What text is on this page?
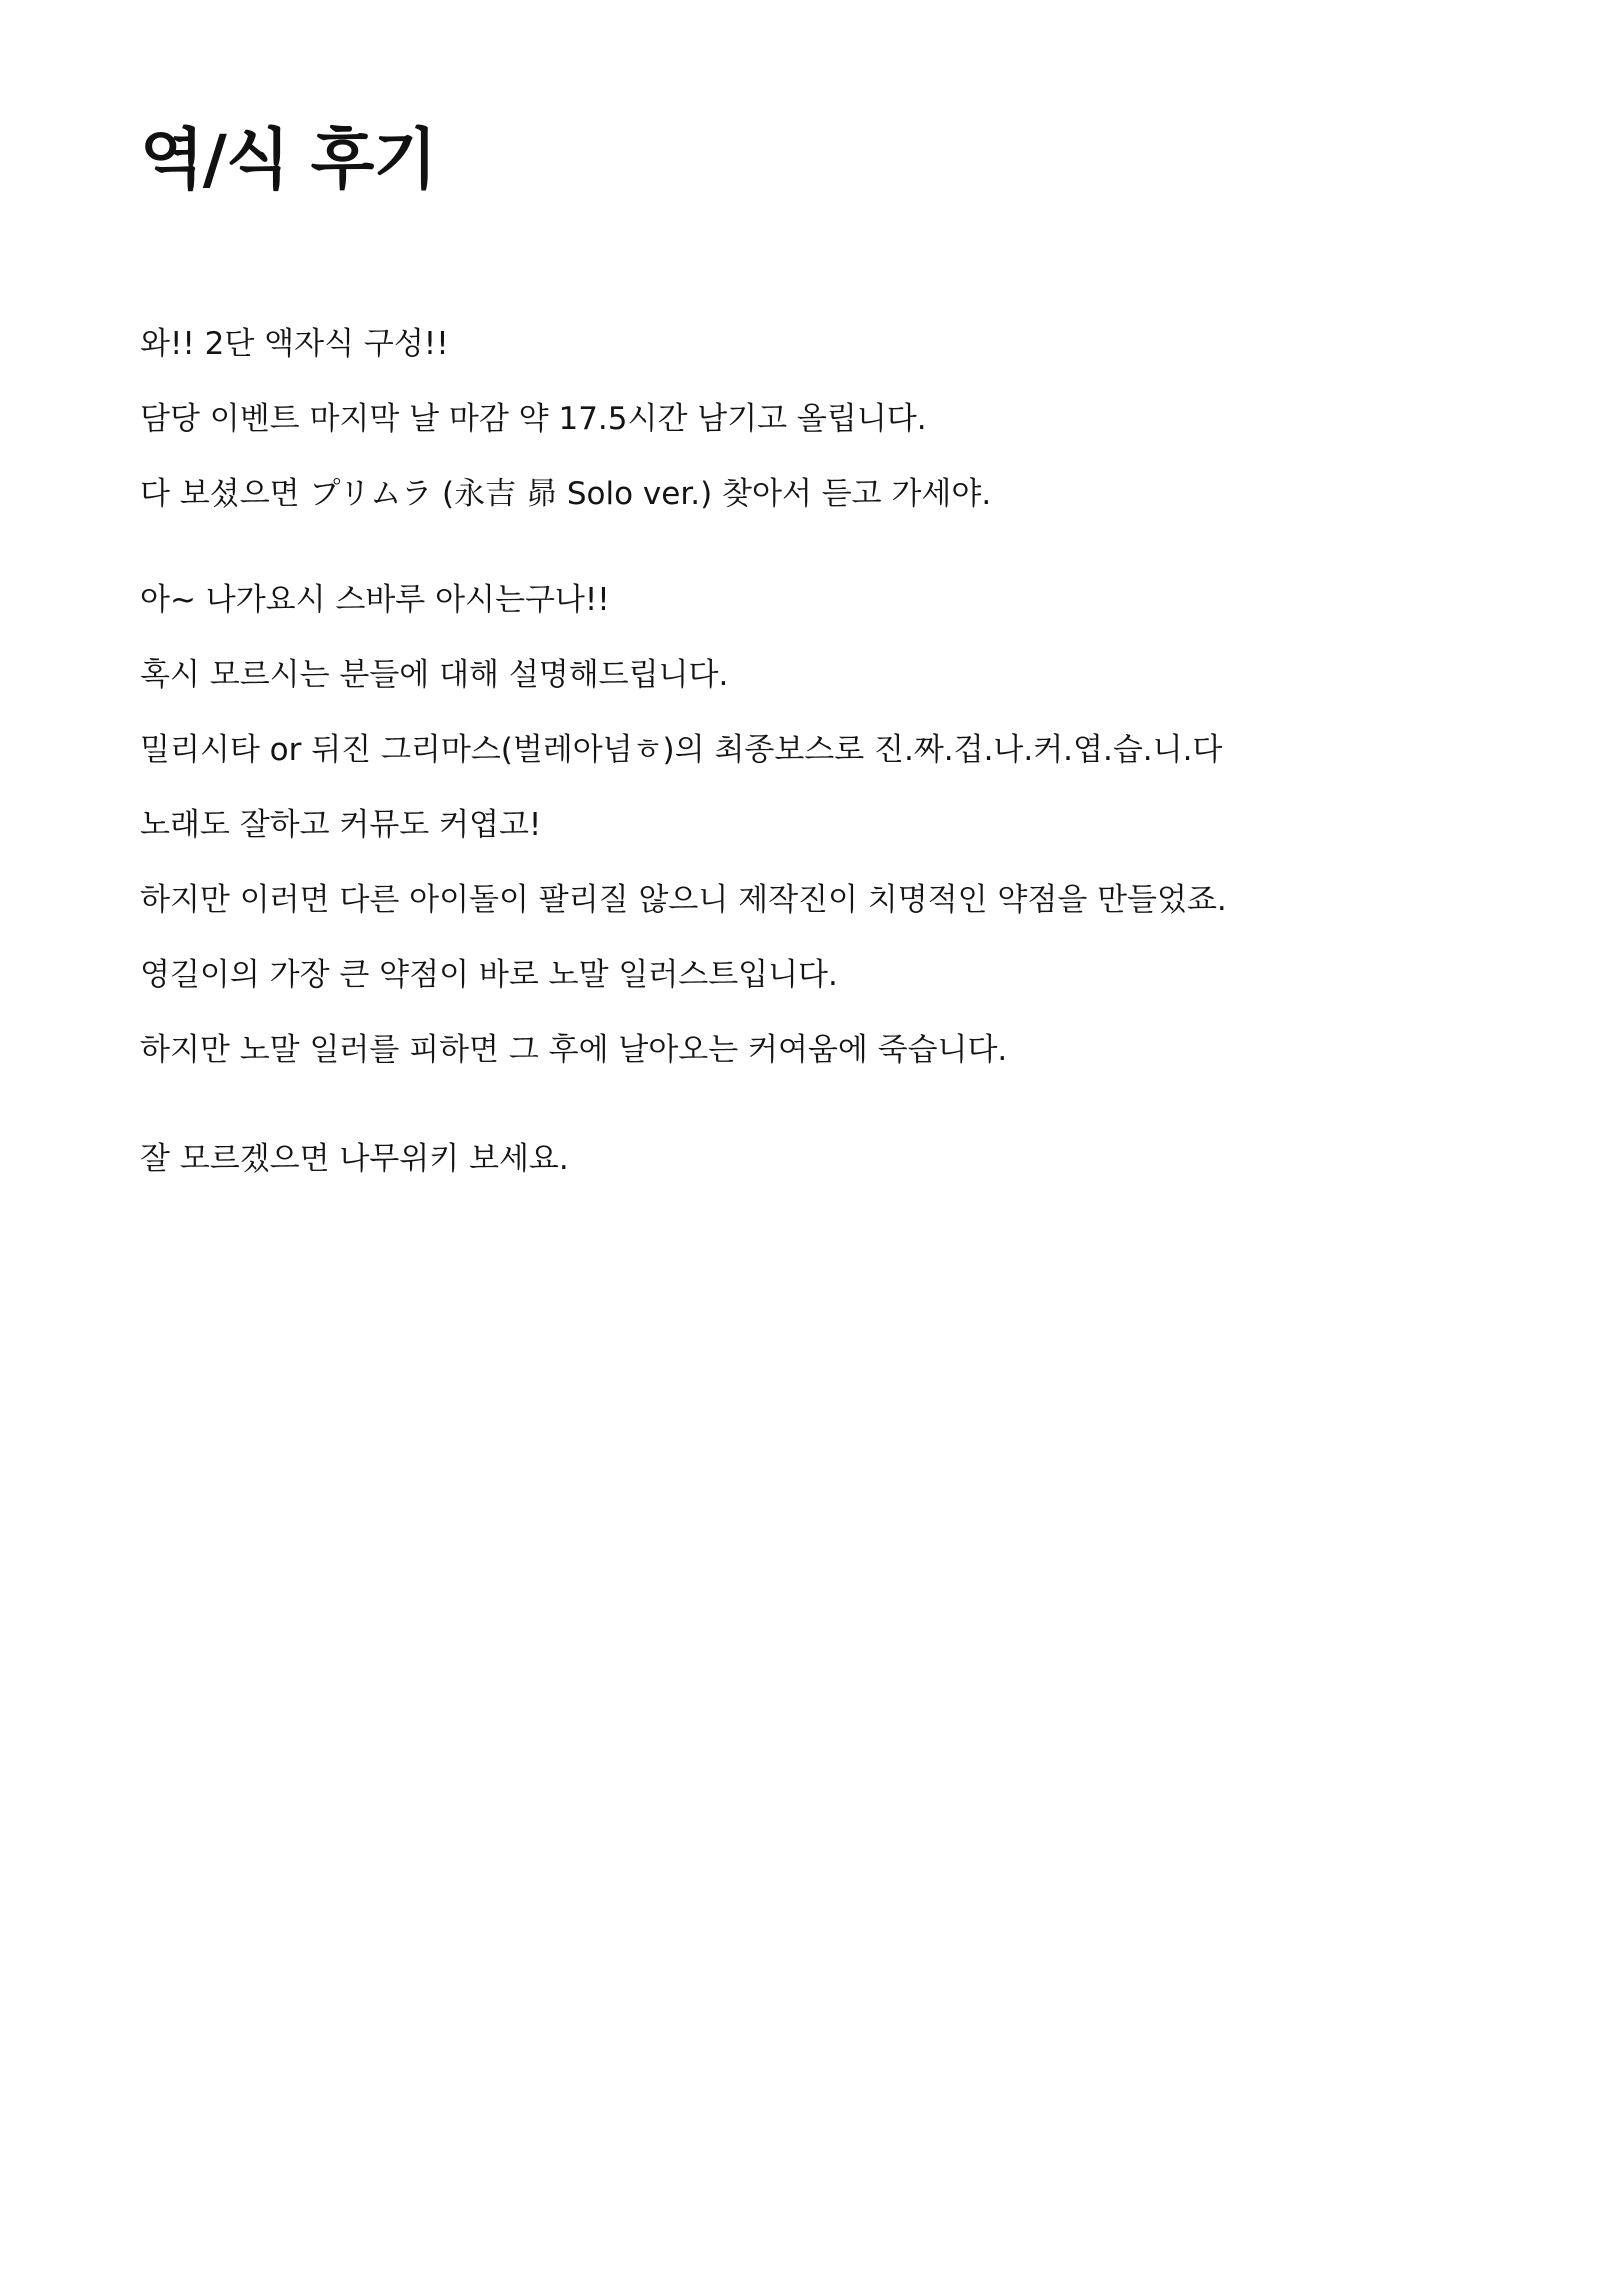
역/식 후기

와!! 2단 액자식 구성!!

담당 이벤트 마지막 날 마감 약 17.5시간 남기고 올립니다.

다 보셨으면 プリムラ (永吉 昴 Solo ver.) 찾아서 듣고 가세야.

아~ 나가요시 스바루 아시는구나!!

혹시 모르시는 분들에 대해 설명해드립니다.

밀리시타 or 뒤진 그리마스(벌레아넘ㅎ)의 최종보스로 진.짜.겁.나.커.엽.습.니.다

노래도 잘하고 커뮤도 커엽고!

하지만 이러면 다른 아이돌이 팔리질 않으니 제작진이 치명적인 약점을 만들었죠.

영길이의 가장 큰 약점이 바로 노말 일러스트입니다.

하지만 노말 일러를 피하면 그 후에 날아오는 커여움에 죽습니다.

잘 모르겠으면 나무위키 보세요.
